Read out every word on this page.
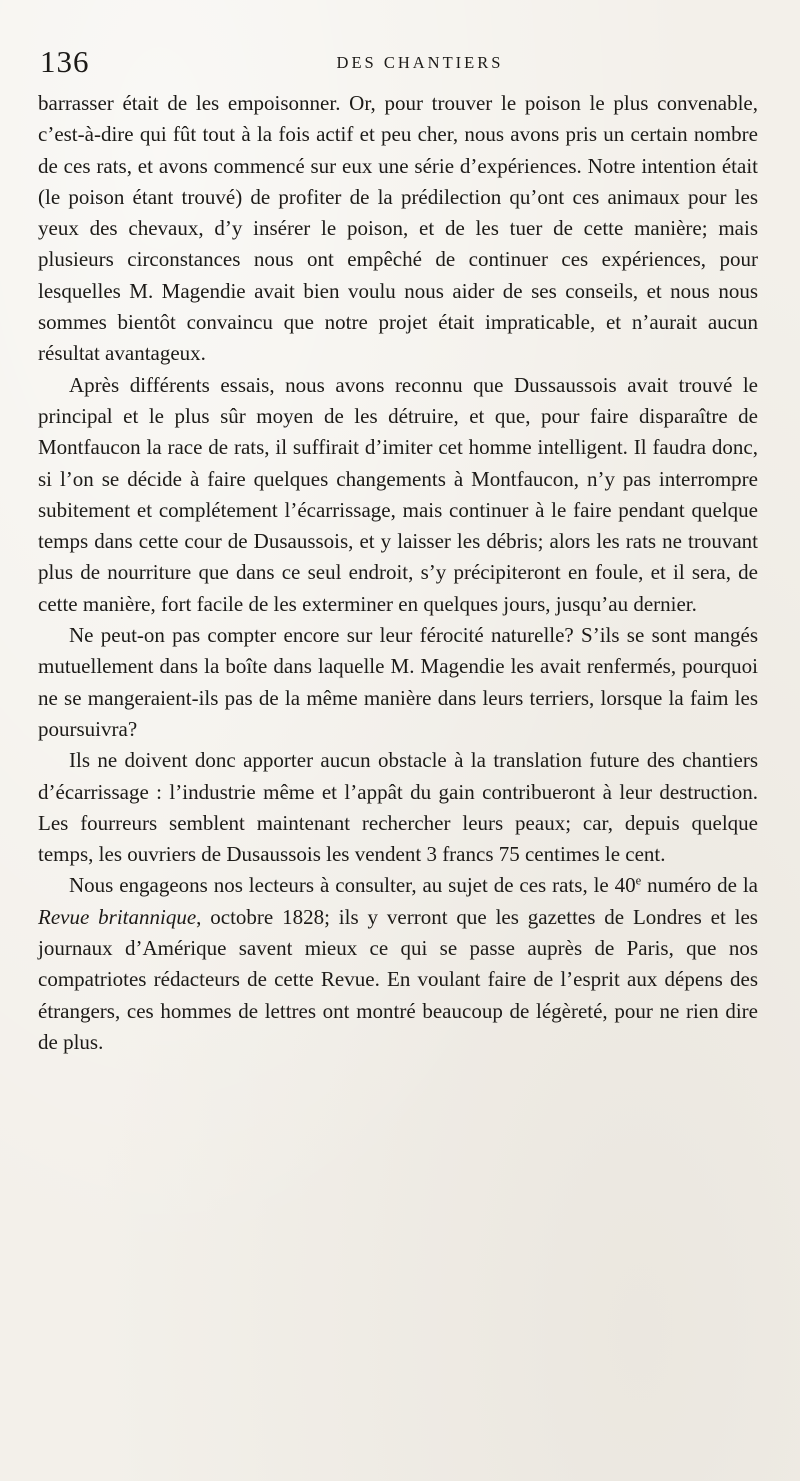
136	DES CHANTIERS

barrasser était de les empoisonner. Or, pour trouver le poison le plus convenable, c’est-à-dire qui fût tout à la fois actif et peu cher, nous avons pris un certain nombre de ces rats, et avons commencé sur eux une série d’expériences. Notre intention était (le poison étant trouvé) de profiter de la prédilection qu’ont ces animaux pour les yeux des chevaux, d’y insérer le poison, et de les tuer de cette manière; mais plusieurs circonstances nous ont empêché de continuer ces expériences, pour lesquelles M. Magendie avait bien voulu nous aider de ses conseils, et nous nous sommes bientôt convaincu que notre projet était impraticable, et n’aurait aucun résultat avantageux.

Après différents essais, nous avons reconnu que Dussaussois avait trouvé le principal et le plus sûr moyen de les détruire, et que, pour faire disparaître de Montfaucon la race de rats, il suffirait d’imiter cet homme intelligent. Il faudra donc, si l’on se décide à faire quelques changements à Montfaucon, n’y pas interrompre subitement et complétement l’écarrissage, mais continuer à le faire pendant quelque temps dans cette cour de Dusaussois, et y laisser les débris; alors les rats ne trouvant plus de nourriture que dans ce seul endroit, s’y précipiteront en foule, et il sera, de cette manière, fort facile de les exterminer en quelques jours, jusqu’au dernier.

Ne peut-on pas compter encore sur leur férocité naturelle? S’ils se sont mangés mutuellement dans la boîte dans laquelle M. Magendie les avait renfermés, pourquoi ne se mangeraient-ils pas de la même manière dans leurs terriers, lorsque la faim les poursuivra?

Ils ne doivent donc apporter aucun obstacle à la translation future des chantiers d’écarrissage : l’industrie même et l’appât du gain contribueront à leur destruction. Les fourreurs semblent maintenant rechercher leurs peaux; car, depuis quelque temps, les ouvriers de Dusaussois les vendent 3 francs 75 centimes le cent.

Nous engageons nos lecteurs à consulter, au sujet de ces rats, le 40e numéro de la Revue britannique, octobre 1828; ils y verront que les gazettes de Londres et les journaux d’Amérique savent mieux ce qui se passe auprès de Paris, que nos compatriotes rédacteurs de cette Revue. En voulant faire de l’esprit aux dépens des étrangers, ces hommes de lettres ont montré beaucoup de légèreté, pour ne rien dire de plus.
